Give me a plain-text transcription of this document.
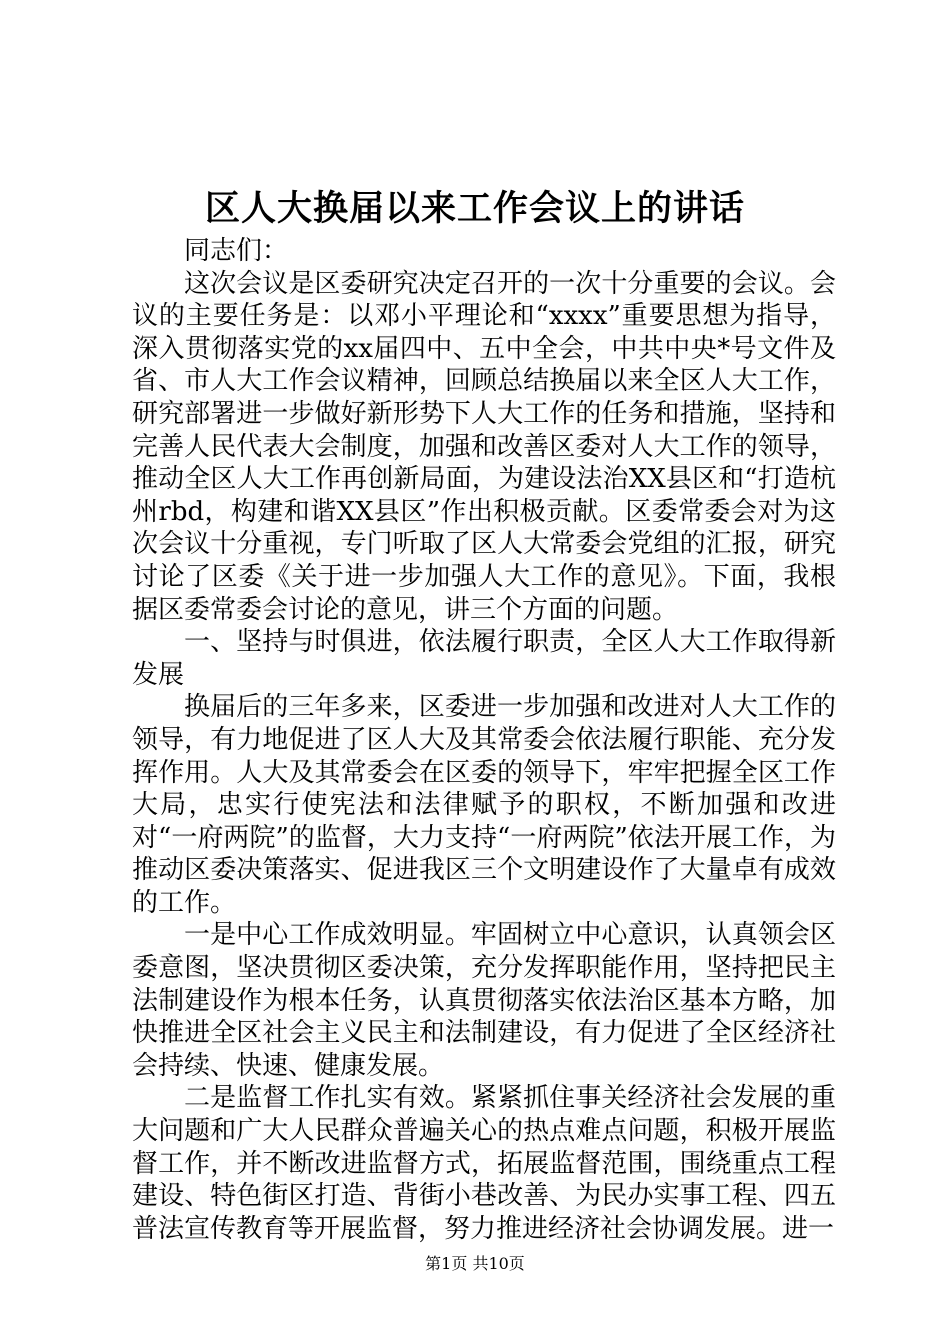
区人大换届以来工作会议上的讲话

同志们：

这次会议是区委研究决定召开的一次十分重要的会议。会议的主要任务是：以邓小平理论和“xxxx”重要思想为指导，深入贯彻落实党的xx届四中、五中全会，中共中央*号文件及省、市人大工作会议精神，回顾总结换届以来全区人大工作，研究部署进一步做好新形势下人大工作的任务和措施，坚持和完善人民代表大会制度，加强和改善区委对人大工作的领导，推动全区人大工作再创新局面，为建设法治XX县区和“打造杭州rbd，构建和谐XX县区”作出积极贡献。区委常委会对为这次会议十分重视，专门听取了区人大常委会党组的汇报，研究讨论了区委《关于进一步加强人大工作的意见》。下面，我根据区委常委会讨论的意见，讲三个方面的问题。

一、坚持与时俱进，依法履行职责，全区人大工作取得新发展

换届后的三年多来，区委进一步加强和改进对人大工作的领导，有力地促进了区人大及其常委会依法履行职能、充分发挥作用。人大及其常委会在区委的领导下，牢牢把握全区工作大局，忠实行使宪法和法律赋予的职权，不断加强和改进对“一府两院”的监督，大力支持“一府两院”依法开展工作，为推动区委决策落实、促进我区三个文明建设作了大量卓有成效的工作。

一是中心工作成效明显。牢固树立中心意识，认真领会区委意图，坚决贯彻区委决策，充分发挥职能作用，坚持把民主法制建设作为根本任务，认真贯彻落实依法治区基本方略，加快推进全区社会主义民主和法制建设，有力促进了全区经济社会持续、快速、健康发展。

二是监督工作扎实有效。紧紧抓住事关经济社会发展的重大问题和广大人民群众普遍关心的热点难点问题，积极开展监督工作，并不断改进监督方式，拓展监督范围，围绕重点工程建设、特色街区打造、背街小巷改善、为民办实事工程、四五普法宣传教育等开展监督，努力推进经济社会协调发展。进一

第1页 共10页
